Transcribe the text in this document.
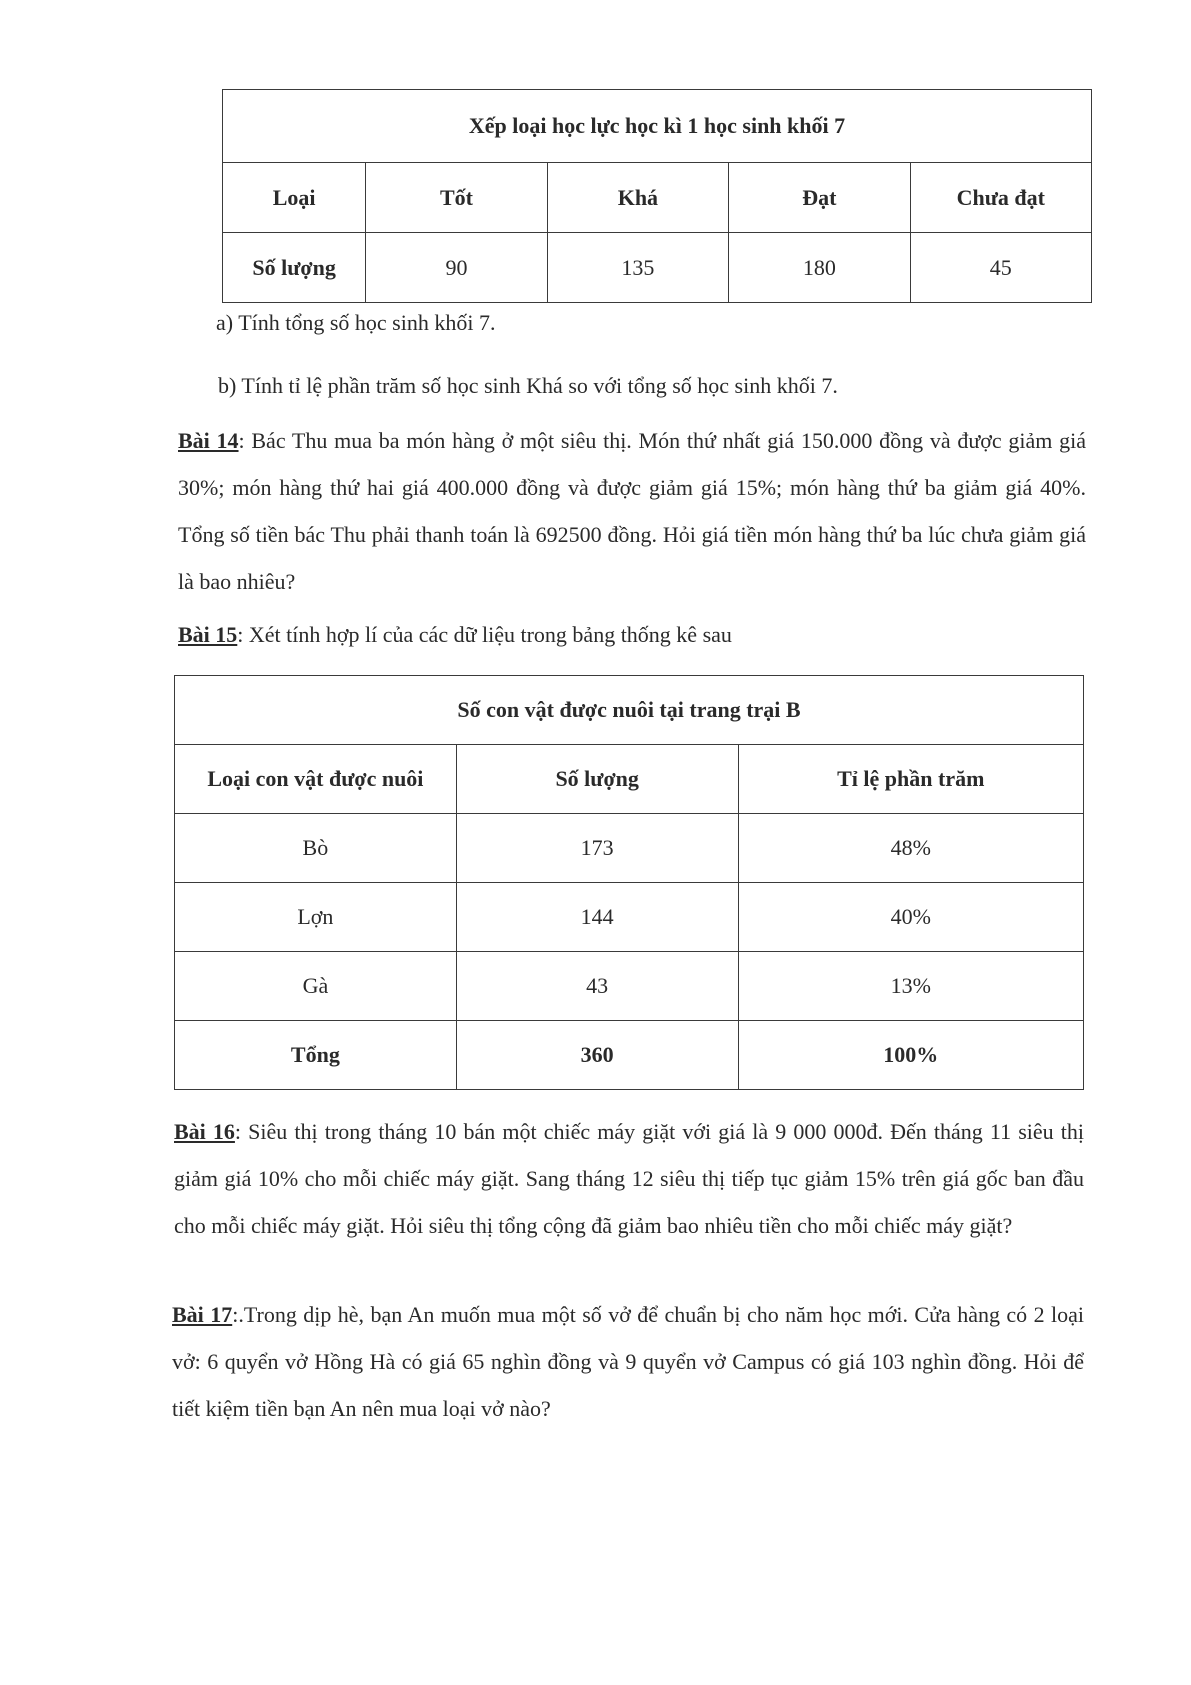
Xếp loại học lực học kì 1 học sinh khối 7				
Loại	Tốt	Khá	Đạt	Chưa đạt
Số lượng	90	135	180	45
a) Tính tổng số học sinh khối 7.
b) Tính tỉ lệ phần trăm số học sinh Khá so với tổng số học sinh khối 7.
Bài 14: Bác Thu mua ba món hàng ở một siêu thị. Món thứ nhất giá 150.000 đồng và được giảm giá 30%; món hàng thứ hai giá 400.000 đồng và được giảm giá 15%; món hàng thứ ba giảm giá 40%. Tổng số tiền bác Thu phải thanh toán là 692500 đồng. Hỏi giá tiền món hàng thứ ba lúc chưa giảm giá là bao nhiêu?
Bài 15: Xét tính hợp lí của các dữ liệu trong bảng thống kê sau
Số con vật được nuôi tại trang trại B		
Loại con vật được nuôi	Số lượng	Tỉ lệ phần trăm
Bò	173	48%
Lợn	144	40%
Gà	43	13%
Tổng	360	100%
Bài 16: Siêu thị trong tháng 10 bán một chiếc máy giặt với giá là 9 000 000đ. Đến tháng 11 siêu thị giảm giá 10% cho mỗi chiếc máy giặt. Sang tháng 12 siêu thị tiếp tục giảm 15% trên giá gốc ban đầu cho mỗi chiếc máy giặt. Hỏi siêu thị tổng cộng đã giảm bao nhiêu tiền cho mỗi chiếc máy giặt?
Bài 17:.Trong dịp hè, bạn An muốn mua một số vở để chuẩn bị cho năm học mới. Cửa hàng có 2 loại vở: 6 quyển vở Hồng Hà có giá 65 nghìn đồng và 9 quyển vở Campus có giá 103 nghìn đồng. Hỏi để tiết kiệm tiền bạn An nên mua loại vở nào?
